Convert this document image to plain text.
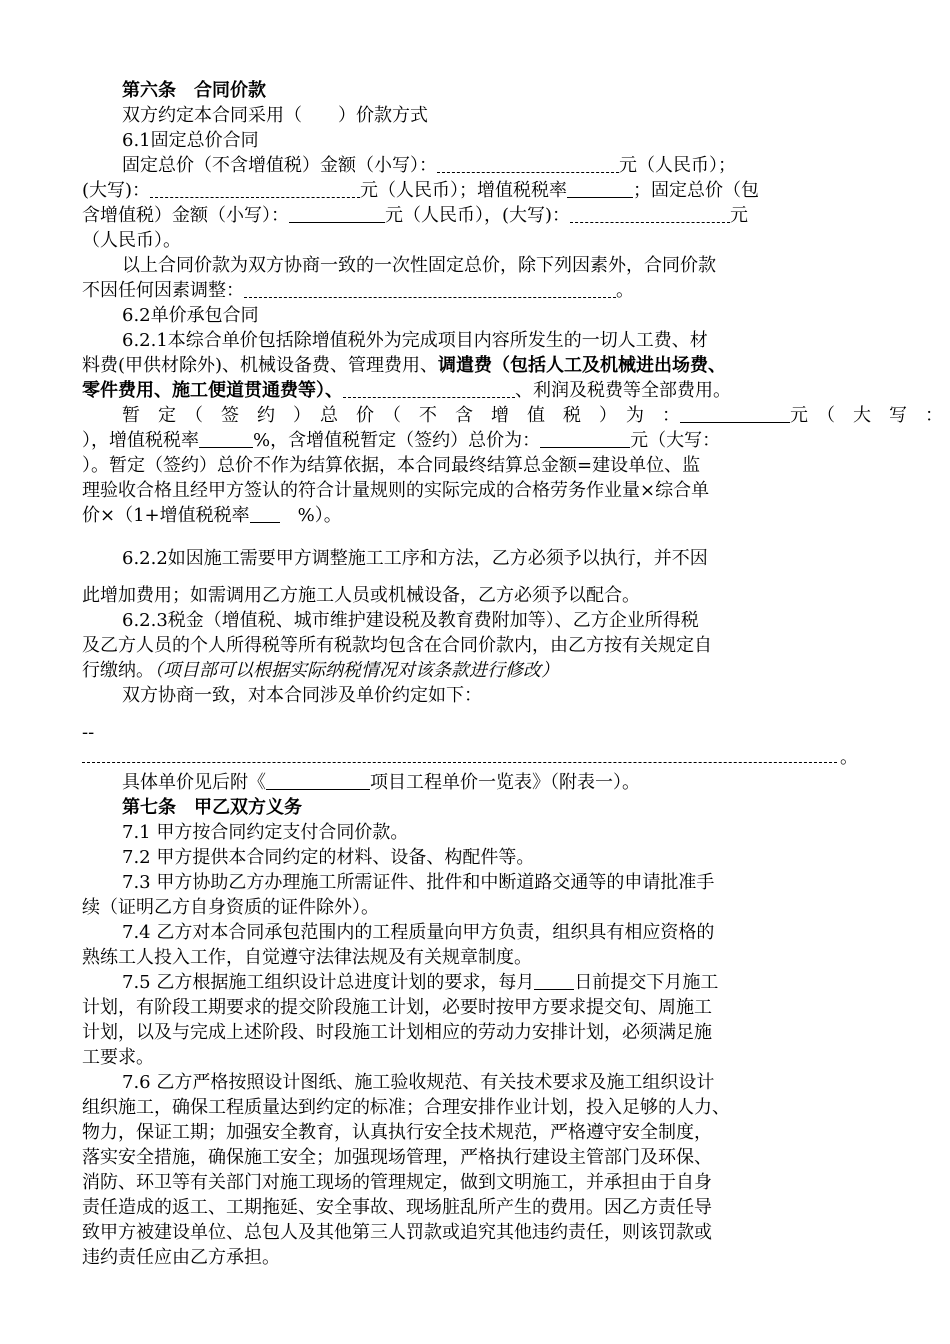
第六条　合同价款
双方约定本合同采用（　　）价款方式
6.1固定总价合同
固定总价（不含增值税）金额（小写）：	元（人民币）；
(大写)：	元（人民币）；增值税税率	；固定总价（包
含增值税）金额（小写）：	元（人民币），(大写)：	元
（人民币）。
以上合同价款为双方协商一致的一次性固定总价，除下列因素外，合同价款
不因任何因素调整：	。
6.2单价承包合同
6.2.1本综合单价包括除增值税外为完成项目内容所发生的一切人工费、材
料费(甲供材除外)、机械设备费、管理费用、调遣费（包括人工及机械进出场费、
零件费用、施工便道贯通费等）、	、利润及税费等全部费用。
暂　定　（　签　约　）　总　价　（　不　含　增　值　税　）　为　：	元　（　大　写　：
），增值税税率	%，含增值税暂定（签约）总价为：	元（大写：
）。暂定（签约）总价不作为结算依据，本合同最终结算总金额=建设单位、监
理验收合格且经甲方签认的符合计量规则的实际完成的合格劳务作业量×综合单
价×（1+增值税税率　%）。
6.2.2如因施工需要甲方调整施工工序和方法，乙方必须予以执行，并不因
此增加费用；如需调用乙方施工人员或机械设备，乙方必须予以配合。
6.2.3税金（增值税、城市维护建设税及教育费附加等）、乙方企业所得税
及乙方人员的个人所得税等所有税款均包含在合同价款内，由乙方按有关规定自
行缴纳。（项目部可以根据实际纳税情况对该条款进行修改）
双方协商一致，对本合同涉及单价约定如下：
--
。
具体单价见后附《	项目工程单价一览表》（附表一）。
第七条　甲乙双方义务
7.1 甲方按合同约定支付合同价款。
7.2 甲方提供本合同约定的材料、设备、构配件等。
7.3 甲方协助乙方办理施工所需证件、批件和中断道路交通等的申请批准手
续（证明乙方自身资质的证件除外）。
7.4 乙方对本合同承包范围内的工程质量向甲方负责，组织具有相应资格的
熟练工人投入工作，自觉遵守法律法规及有关规章制度。
7.5 乙方根据施工组织设计总进度计划的要求，每月 日前提交下月施工
计划，有阶段工期要求的提交阶段施工计划，必要时按甲方要求提交旬、周施工
计划，以及与完成上述阶段、时段施工计划相应的劳动力安排计划，必须满足施
工要求。
7.6 乙方严格按照设计图纸、施工验收规范、有关技术要求及施工组织设计
组织施工，确保工程质量达到约定的标准；合理安排作业计划，投入足够的人力、
物力，保证工期；加强安全教育，认真执行安全技术规范，严格遵守安全制度，
落实安全措施，确保施工安全；加强现场管理，严格执行建设主管部门及环保、
消防、环卫等有关部门对施工现场的管理规定，做到文明施工，并承担由于自身
责任造成的返工、工期拖延、安全事故、现场脏乱所产生的费用。因乙方责任导
致甲方被建设单位、总包人及其他第三人罚款或追究其他违约责任，则该罚款或
违约责任应由乙方承担。
